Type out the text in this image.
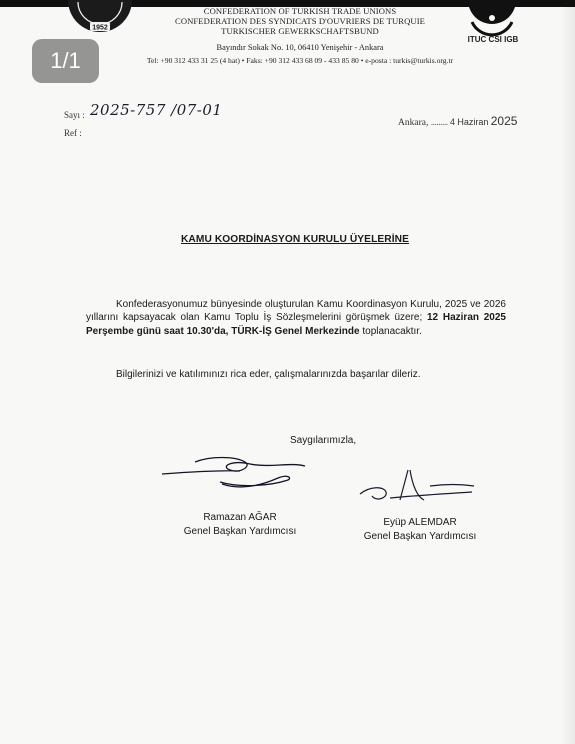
1952
CONFEDERATION OF TURKISH TRADE UNIONS
CONFEDERATION DES SYNDICATS D'OUVRIERS DE TURQUIE
TURKISCHER GEWERKSCHAFTSBUND
ITUC CSI IGB
Bayındır Sokak No. 10, 06410 Yenişehir - Ankara
Tel: +90 312 433 31 25 (4 hat) • Faks: +90 312 433 68 09 - 433 85 80 • e-posta : turkis@turkis.org.tr
1/1
Sayı : 2025-757 /07-01
Ref :
Ankara, ......... 4 Haziran 2025
KAMU KOORDİNASYON KURULU ÜYELERİNE
Konfederasyonumuz bünyesinde oluşturulan Kamu Koordinasyon Kurulu, 2025 ve 2026 yıllarını kapsayacak olan Kamu Toplu İş Sözleşmelerini görüşmek üzere; 12 Haziran 2025 Perşembe günü saat 10.30'da, TÜRK-İŞ Genel Merkezinde toplanacaktır.
Bilgilerinizi ve katılımınızı rica eder, çalışmalarınızda başarılar dileriz.
Saygılarımızla,
Ramazan AĞAR
Genel Başkan Yardımcısı
Eyüp ALEMDAR
Genel Başkan Yardımcısı
